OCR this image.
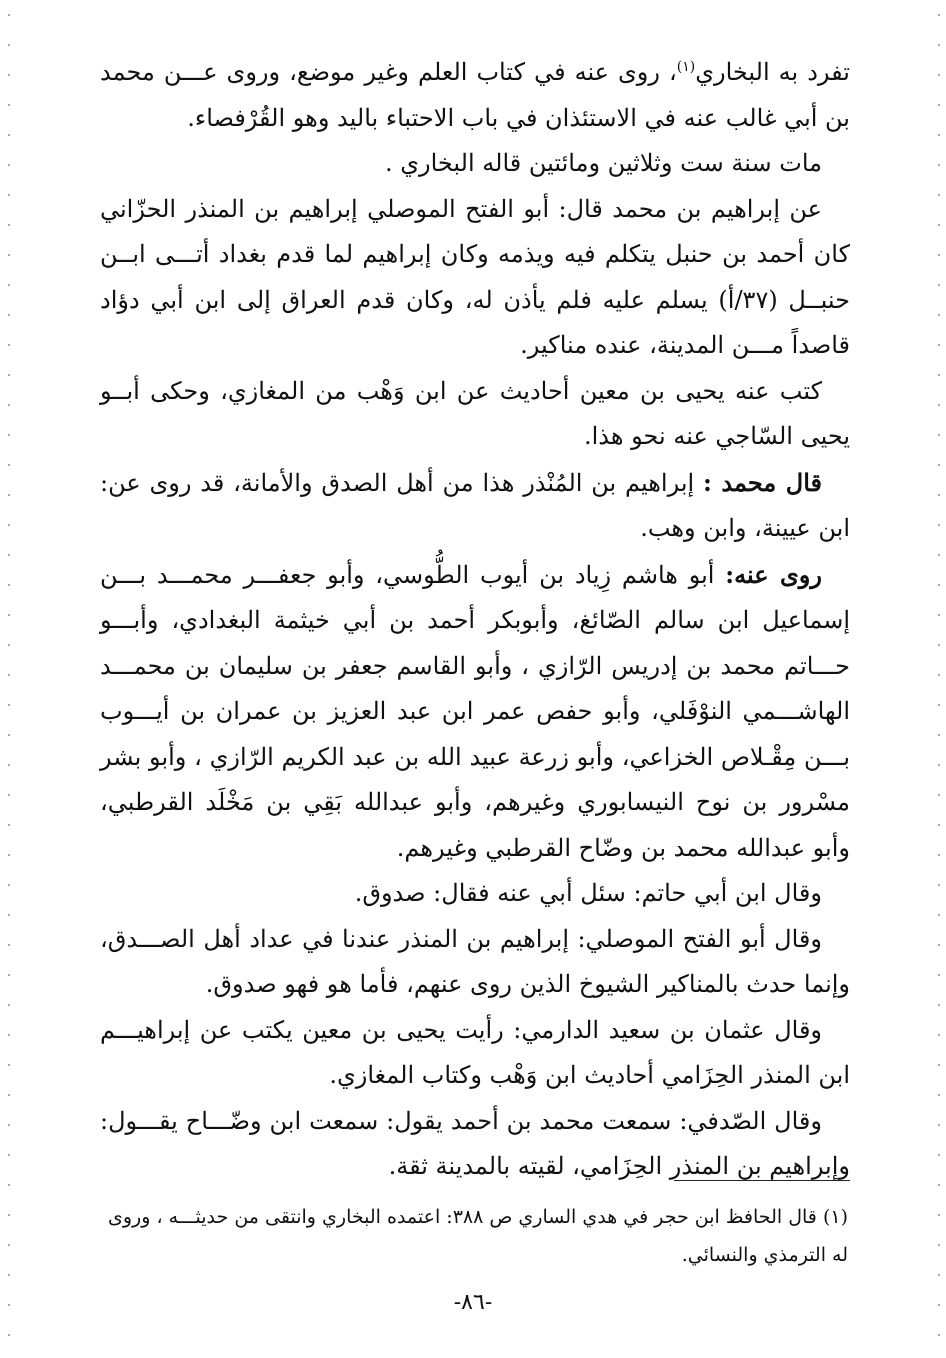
تفرد به البخاري$^{(١)}$، روى عنه في كتاب العلم وغير موضع، وروى عـــن محمد بن أبي غالب عنه في الاستئذان في باب الاحتباء باليد وهو القُرْفصاء.

مات سنة ست وثلاثين ومائتين قاله البخاري .

عن إبراهيم بن محمد قال: أبو الفتح الموصلي إبراهيم بن المنذر الحزّاني كان أحمد بن حنبل يتكلم فيه ويذمه وكان إبراهيم لما قدم بغداد أتـــى ابــن حنبــل (٣٧/أ) يسلم عليه فلم يأذن له، وكان قدم العراق إلى ابن أبي دؤاد قاصداً مـــن المدينة، عنده مناكير.

كتب عنه يحيى بن معين أحاديث عن ابن وَهْب من المغازي، وحكى أبــو يحيى السّاجي عنه نحو هذا.

قال محمد : إبراهيم بن المُنْذر هذا من أهل الصدق والأمانة، قد روى عن: ابن عيينة، وابن وهب.

روى عنه: أبو هاشم زِياد بن أيوب الطُّوسي، وأبو جعفـــر محمـــد بـــن إسماعيل ابن سالم الصّائغ، وأبوبكر أحمد بن أبي خيثمة البغدادي، وأبـــو حـــاتم محمد بن إدريس الرّازي ، وأبو القاسم جعفر بن سليمان بن محمـــد الهاشـــمي النوْفَلي، وأبو حفص عمر ابن عبد العزيز بن عمران بن أيـــوب بـــن مِقْـلاص الخزاعي، وأبو زرعة عبيد الله بن عبد الكريم الرّازي ، وأبو بشر مسْرور بن نوح النيسابوري وغيرهم، وأبو عبدالله بَقِي بن مَخْلَد القرطبي، وأبو عبدالله محمد بن وضّاح القرطبي وغيرهم.

وقال ابن أبي حاتم: سئل أبي عنه فقال: صدوق.

وقال أبو الفتح الموصلي: إبراهيم بن المنذر عندنا في عداد أهل الصـــدق، وإنما حدث بالمناكير الشيوخ الذين روى عنهم، فأما هو فهو صدوق.

وقال عثمان بن سعيد الدارمي: رأيت يحيى بن معين يكتب عن إبراهيـــم ابن المنذر الحِزَامي أحاديث ابن وَهْب وكتاب المغازي.

وقال الصّدفي: سمعت محمد بن أحمد يقول: سمعت ابن وضّـــاح يقـــول: وإبراهيم بن المنذر الحِزَامي، لقيته بالمدينة ثقة.

(١) قال الحافظ ابن حجر في هدي الساري ص ٣٨٨: اعتمده البخاري وانتقى من حديثـــه ، وروى له الترمذي والنسائي.

-٨٦-
